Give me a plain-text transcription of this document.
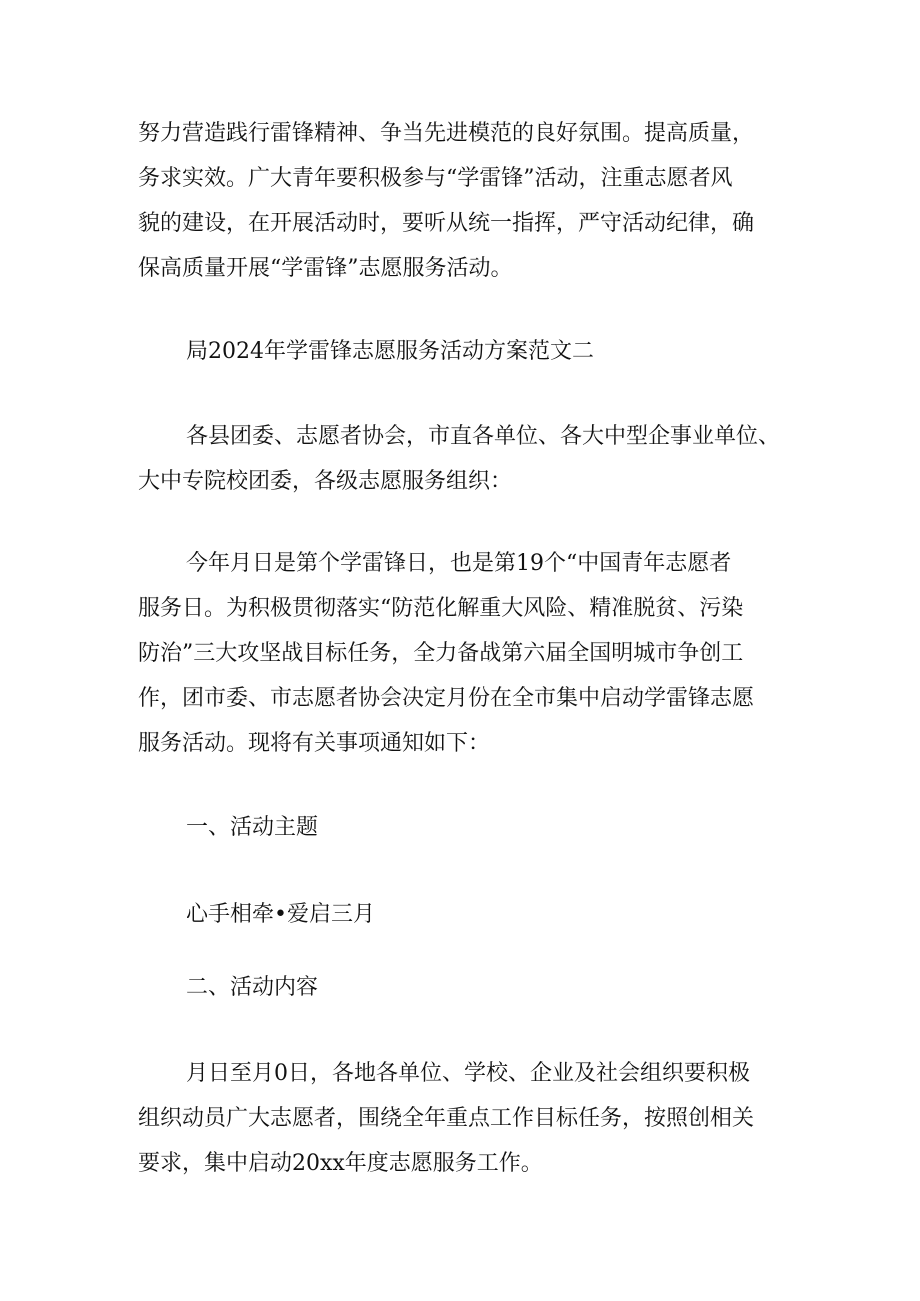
努力营造践行雷锋精神、争当先进模范的良好氛围。提高质量，
务求实效。广大青年要积极参与“学雷锋”活动，注重志愿者风
貌的建设，在开展活动时，要听从统一指挥，严守活动纪律，确
保高质量开展“学雷锋”志愿服务活动。

局2024年学雷锋志愿服务活动方案范文二

各县团委、志愿者协会，市直各单位、各大中型企事业单位、
大中专院校团委，各级志愿服务组织：

今年月日是第个学雷锋日，也是第19个“中国青年志愿者
服务日。为积极贯彻落实“防范化解重大风险、精准脱贫、污染
防治”三大攻坚战目标任务，全力备战第六届全国明城市争创工
作，团市委、市志愿者协会决定月份在全市集中启动学雷锋志愿
服务活动。现将有关事项通知如下：

一、活动主题

心手相牵•爱启三月

二、活动内容

月日至月0日，各地各单位、学校、企业及社会组织要积极
组织动员广大志愿者，围绕全年重点工作目标任务，按照创相关
要求，集中启动20xx年度志愿服务工作。
